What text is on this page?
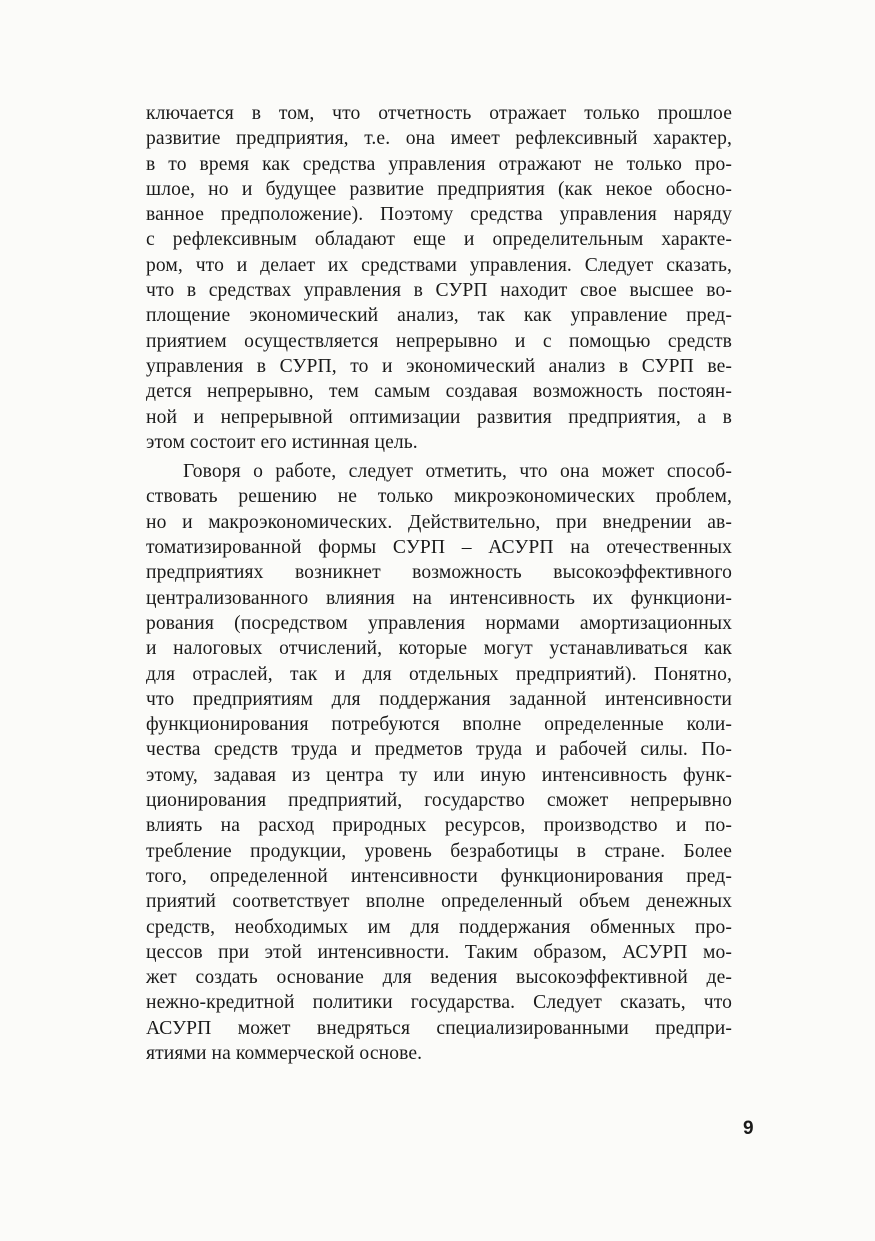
ключается в том, что отчетность отражает только прошлое
развитие предприятия, т.е. она имеет рефлексивный характер,
в то время как средства управления отражают не только про-
шлое, но и будущее развитие предприятия (как некое обосно-
ванное предположение). Поэтому средства управления наряду
с рефлексивным обладают еще и определительным характе-
ром, что и делает их средствами управления. Следует сказать,
что в средствах управления в СУРП находит свое высшее во-
площение экономический анализ, так как управление пред-
приятием осуществляется непрерывно и с помощью средств
управления в СУРП, то и экономический анализ в СУРП ве-
дется непрерывно, тем самым создавая возможность постоян-
ной и непрерывной оптимизации развития предприятия, а в
этом состоит его истинная цель.
Говоря о работе, следует отметить, что она может способ-
ствовать решению не только микроэкономических проблем,
но и макроэкономических. Действительно, при внедрении ав-
томатизированной формы СУРП – АСУРП на отечественных
предприятиях возникнет возможность высокоэффективного
централизованного влияния на интенсивность их функциони-
рования (посредством управления нормами амортизационных
и налоговых отчислений, которые могут устанавливаться как
для отраслей, так и для отдельных предприятий). Понятно,
что предприятиям для поддержания заданной интенсивности
функционирования потребуются вполне определенные коли-
чества средств труда и предметов труда и рабочей силы. По-
этому, задавая из центра ту или иную интенсивность функ-
ционирования предприятий, государство сможет непрерывно
влиять на расход природных ресурсов, производство и по-
требление продукции, уровень безработицы в стране. Более
того, определенной интенсивности функционирования пред-
приятий соответствует вполне определенный объем денежных
средств, необходимых им для поддержания обменных про-
цессов при этой интенсивности. Таким образом, АСУРП мо-
жет создать основание для ведения высокоэффективной де-
нежно-кредитной политики государства. Следует сказать, что
АСУРП может внедряться специализированными предпри-
ятиями на коммерческой основе.
9
